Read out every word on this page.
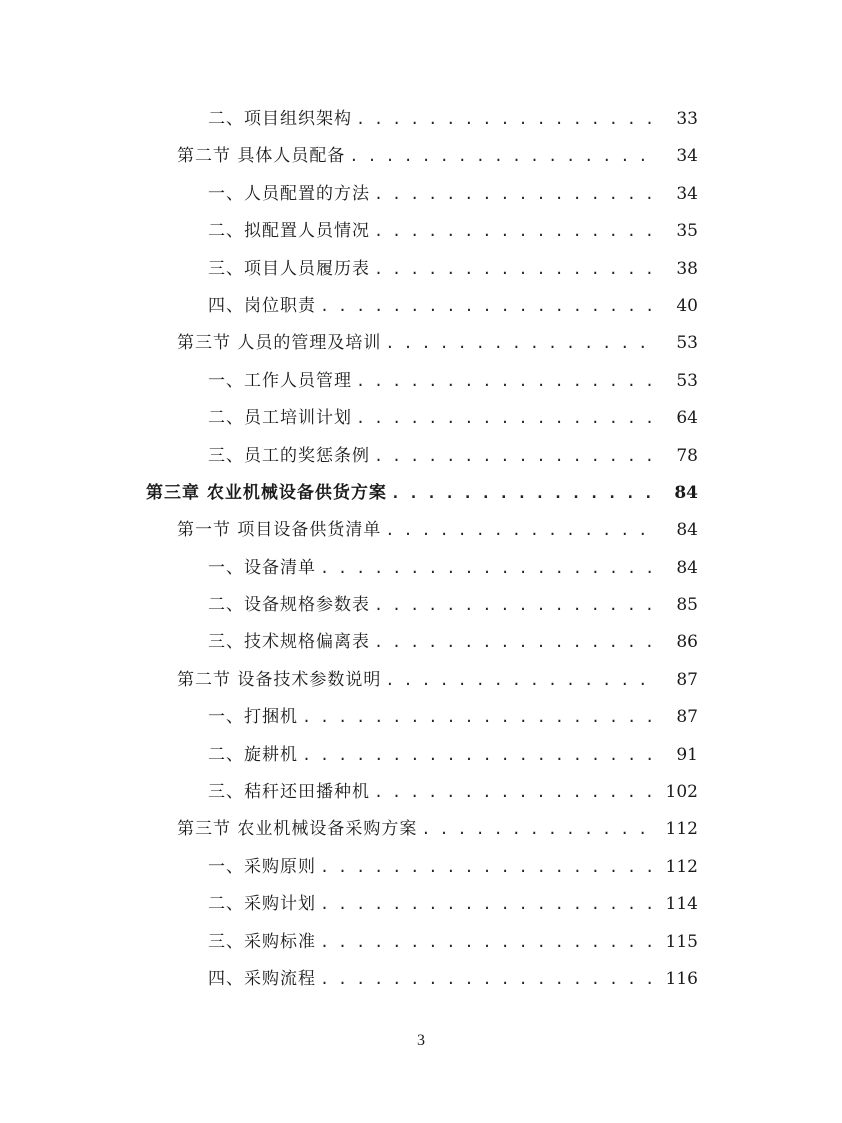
二、项目组织架构 . . .	33
第二节 具体人员配备 . . .	34
一、人员配置的方法 . . .	34
二、拟配置人员情况 . . .	35
三、项目人员履历表 . . .	38
四、岗位职责 . . .	40
第三节 人员的管理及培训 . . .	53
一、工作人员管理 . . .	53
二、员工培训计划 . . .	64
三、员工的奖惩条例 . . .	78
第三章 农业机械设备供货方案 . . .	84
第一节 项目设备供货清单 . . .	84
一、设备清单 . . .	84
二、设备规格参数表 . . .	85
三、技术规格偏离表 . . .	86
第二节 设备技术参数说明 . . .	87
一、打捆机 . . .	87
二、旋耕机 . . .	91
三、秸秆还田播种机 . . .	102
第三节 农业机械设备采购方案 . . .	112
一、采购原则 . . .	112
二、采购计划 . . .	114
三、采购标准 . . .	115
四、采购流程 . . .	116
3
